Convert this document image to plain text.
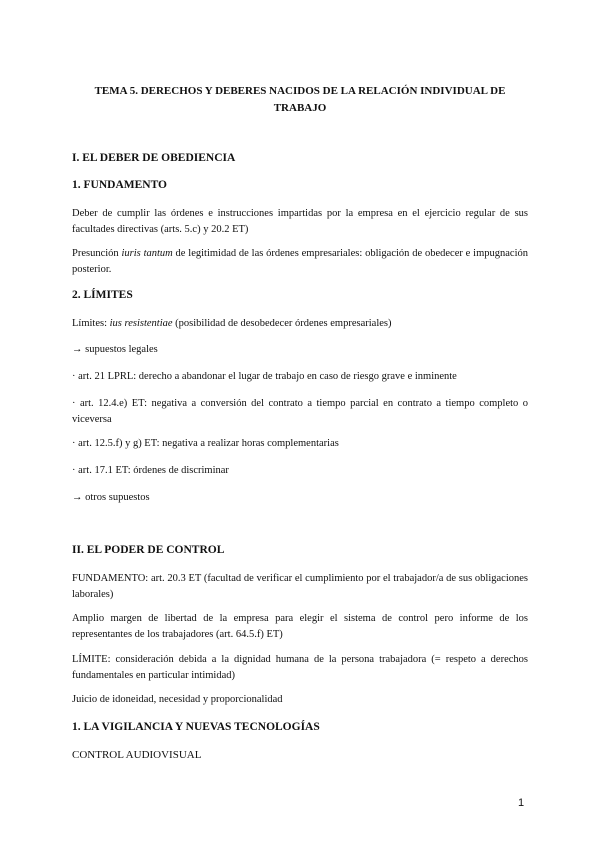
TEMA 5. DERECHOS Y DEBERES NACIDOS DE LA RELACIÓN INDIVIDUAL DE TRABAJO
I. EL DEBER DE OBEDIENCIA
1. FUNDAMENTO
Deber de cumplir las órdenes e instrucciones impartidas por la empresa en el ejercicio regular de sus facultades directivas (arts. 5.c) y 20.2 ET)
Presunción iuris tantum de legitimidad de las órdenes empresariales: obligación de obedecer e impugnación posterior.
2. LÍMITES
Límites: ius resistentiae (posibilidad de desobedecer órdenes empresariales)
→ supuestos legales
· art. 21 LPRL: derecho a abandonar el lugar de trabajo en caso de riesgo grave e inminente
· art. 12.4.e) ET: negativa a conversión del contrato a tiempo parcial en contrato a tiempo completo o viceversa
· art. 12.5.f) y g) ET: negativa a realizar horas complementarias
· art. 17.1 ET: órdenes de discriminar
→ otros supuestos
II. EL PODER DE CONTROL
FUNDAMENTO: art. 20.3 ET (facultad de verificar el cumplimiento por el trabajador/a de sus obligaciones laborales)
Amplio margen de libertad de la empresa para elegir el sistema de control pero informe de los representantes de los trabajadores (art. 64.5.f) ET)
LÍMITE: consideración debida a la dignidad humana de la persona trabajadora (= respeto a derechos fundamentales en particular intimidad)
Juicio de idoneidad, necesidad y proporcionalidad
1. LA VIGILANCIA Y NUEVAS TECNOLOGÍAS
CONTROL AUDIOVISUAL
1
